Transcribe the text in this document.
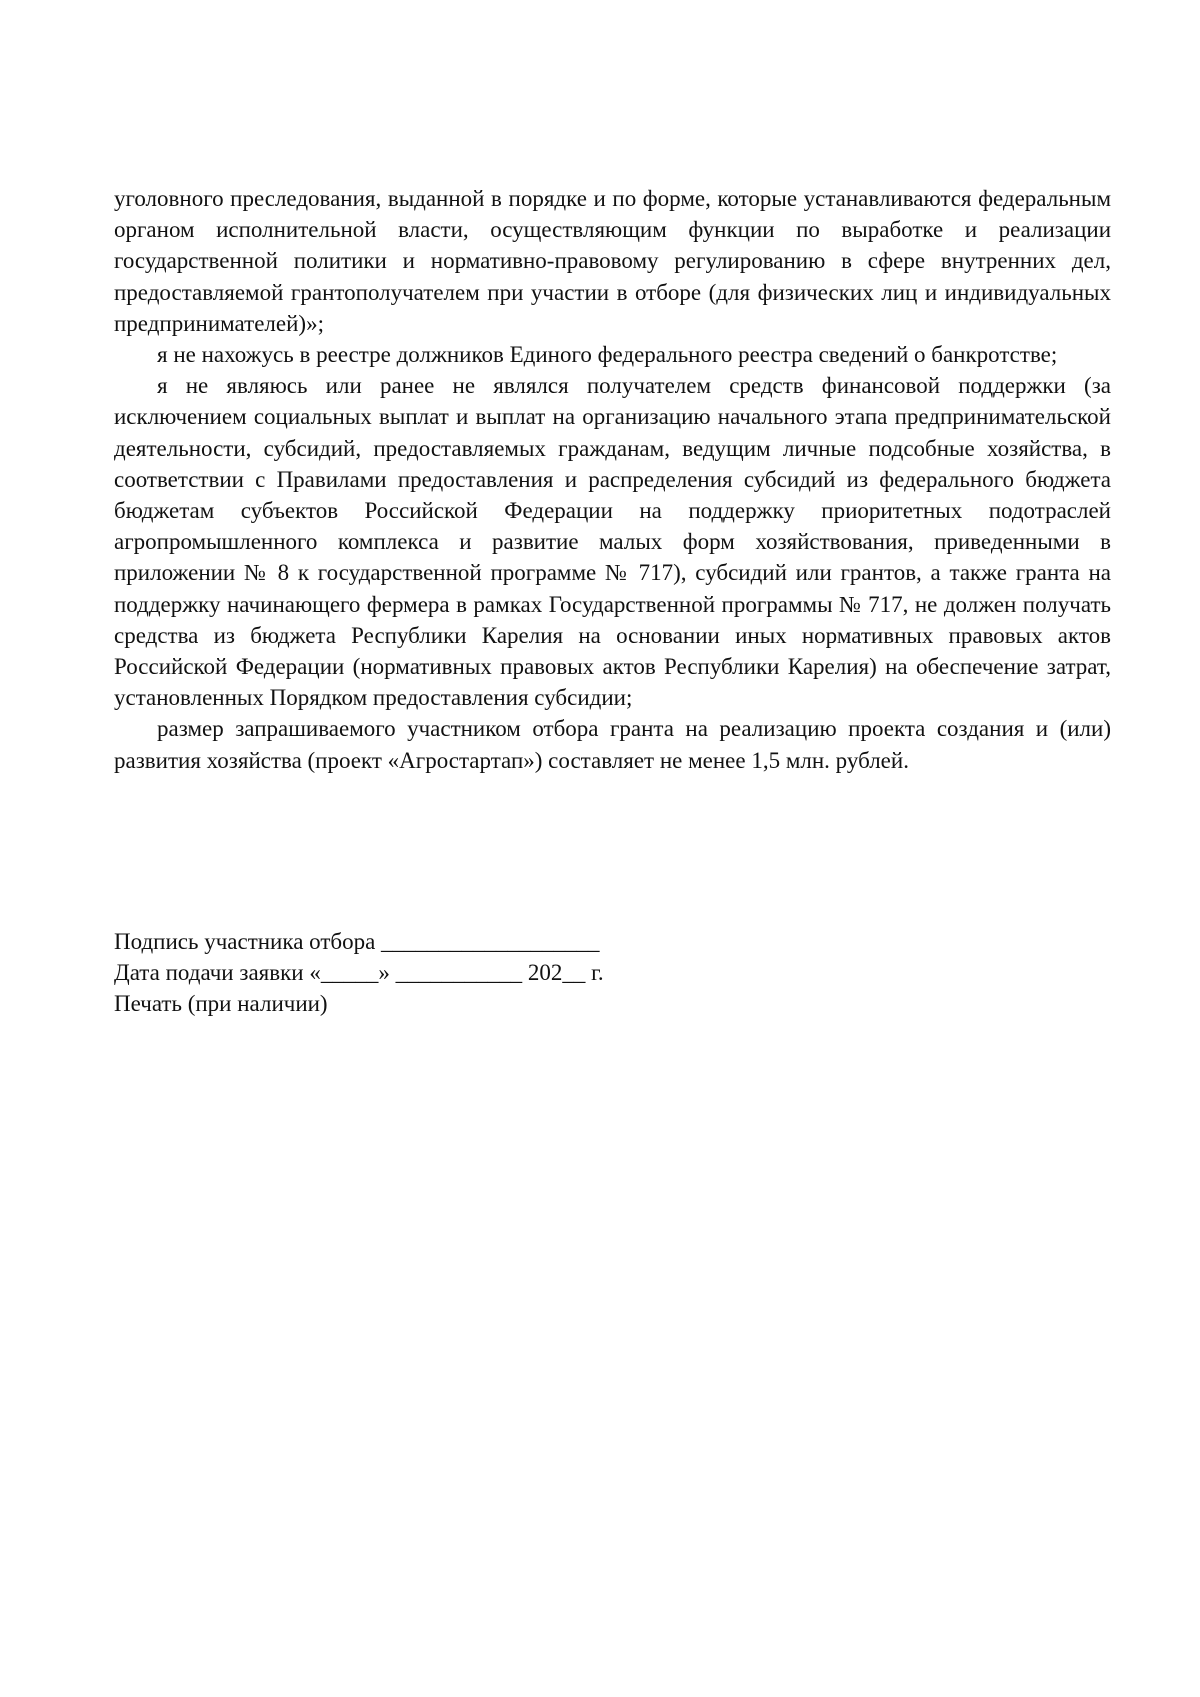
уголовного преследования, выданной в порядке и по форме, которые устанавливаются федеральным органом исполнительной власти, осуществляющим функции по выработке и реализации государственной политики и нормативно-правовому регулированию в сфере внутренних дел, предоставляемой грантополучателем при участии в отборе (для физических лиц и индивидуальных предпринимателей)»;

я не нахожусь в реестре должников Единого федерального реестра сведений о банкротстве;

я не являюсь или ранее не являлся получателем средств финансовой поддержки (за исключением социальных выплат и выплат на организацию начального этапа предпринимательской деятельности, субсидий, предоставляемых гражданам, ведущим личные подсобные хозяйства, в соответствии с Правилами предоставления и распределения субсидий из федерального бюджета бюджетам субъектов Российской Федерации на поддержку приоритетных подотраслей агропромышленного комплекса и развитие малых форм хозяйствования, приведенными в приложении № 8 к государственной программе № 717), субсидий или грантов, а также гранта на поддержку начинающего фермера в рамках Государственной программы № 717, не должен получать средства из бюджета Республики Карелия на основании иных нормативных правовых актов Российской Федерации (нормативных правовых актов Республики Карелия) на обеспечение затрат, установленных Порядком предоставления субсидии;

размер запрашиваемого участником отбора гранта на реализацию проекта создания и (или) развития хозяйства (проект «Агростартап») составляет не менее 1,5 млн. рублей.

Подпись участника отбора ___________________

Дата подачи заявки «_____» ___________ 202__ г.

Печать (при наличии)
